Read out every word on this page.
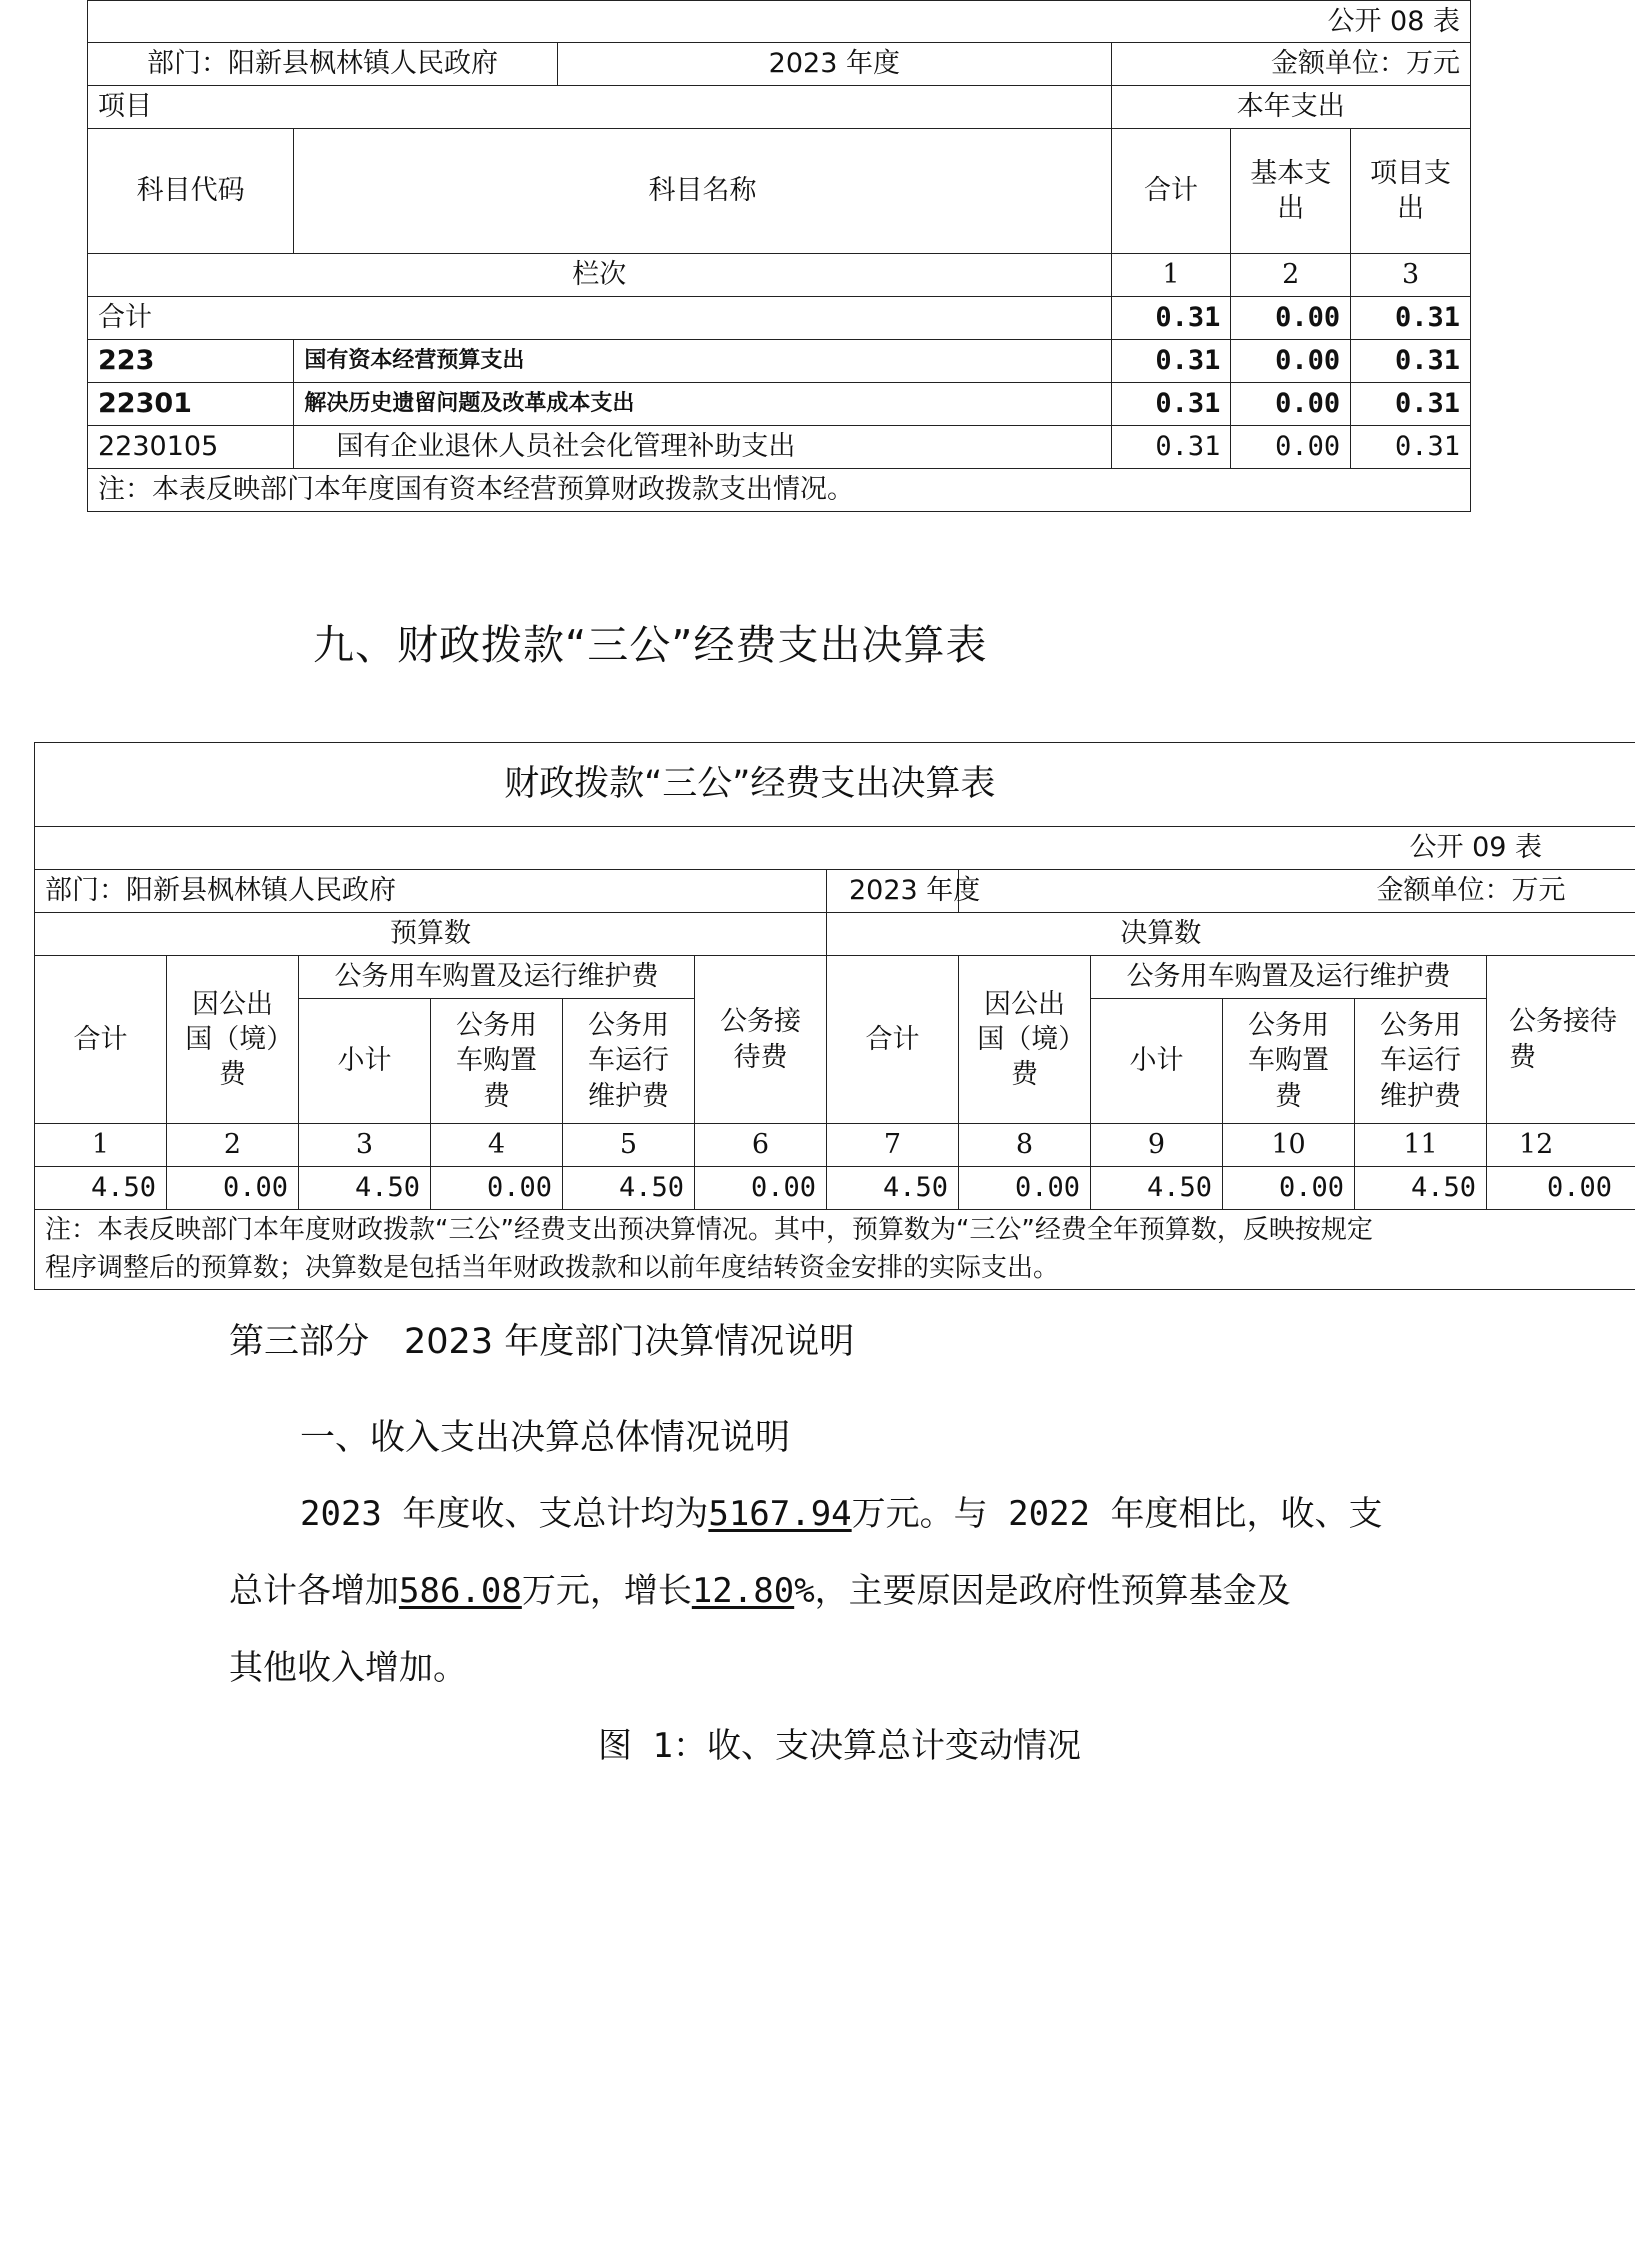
公开 08 表					
部门：阳新县枫林镇人民政府		2023 年度	金额单位：万元		
项目			本年支出		
科目代码	科目名称		合计	基本支出	项目支出
栏次			1	2	3
合计			0.31	0.00	0.31
223	国有资本经营预算支出		0.31	0.00	0.31
22301	解决历史遗留问题及改革成本支出		0.31	0.00	0.31
2230105	国有企业退休人员社会化管理补助支出		0.31	0.00	0.31
注：本表反映部门本年度国有资本经营预算财政拨款支出情况。					
九、财政拨款“三公”经费支出决算表
财政拨款“三公”经费支出决算表											
公开 09 表											
部门：阳新县枫林镇人民政府						2023 年度	金额单位：万元				
预算数						决算数					
合计	因公出国（境）费	公务用车购置及运行维护费			公务接待费	合计	因公出国（境）费	公务用车购置及运行维护费			公务接待费
		小计	公务用车购置费	公务用车运行维护费				小计	公务用车购置费	公务用车运行维护费	
1	2	3	4	5	6	7	8	9	10	11	12
4.50	0.00	4.50	0.00	4.50	0.00	4.50	0.00	4.50	0.00	4.50	0.00

注：本表反映部门本年度财政拨款“三公”经费支出预决算情况。其中，预算数为“三公”经费全年预算数，反映按规定
程序调整后的预算数；决算数是包括当年财政拨款和以前年度结转资金安排的实际支出。											
第三部分　2023 年度部门决算情况说明
一、收入支出决算总体情况说明
2023 年度收、支总计均为5167.94万元。与 2022 年度相比，收、支
总计各增加586.08万元，增长12.80%，主要原因是政府性预算基金及
其他收入增加。
图 1：收、支决算总计变动情况
